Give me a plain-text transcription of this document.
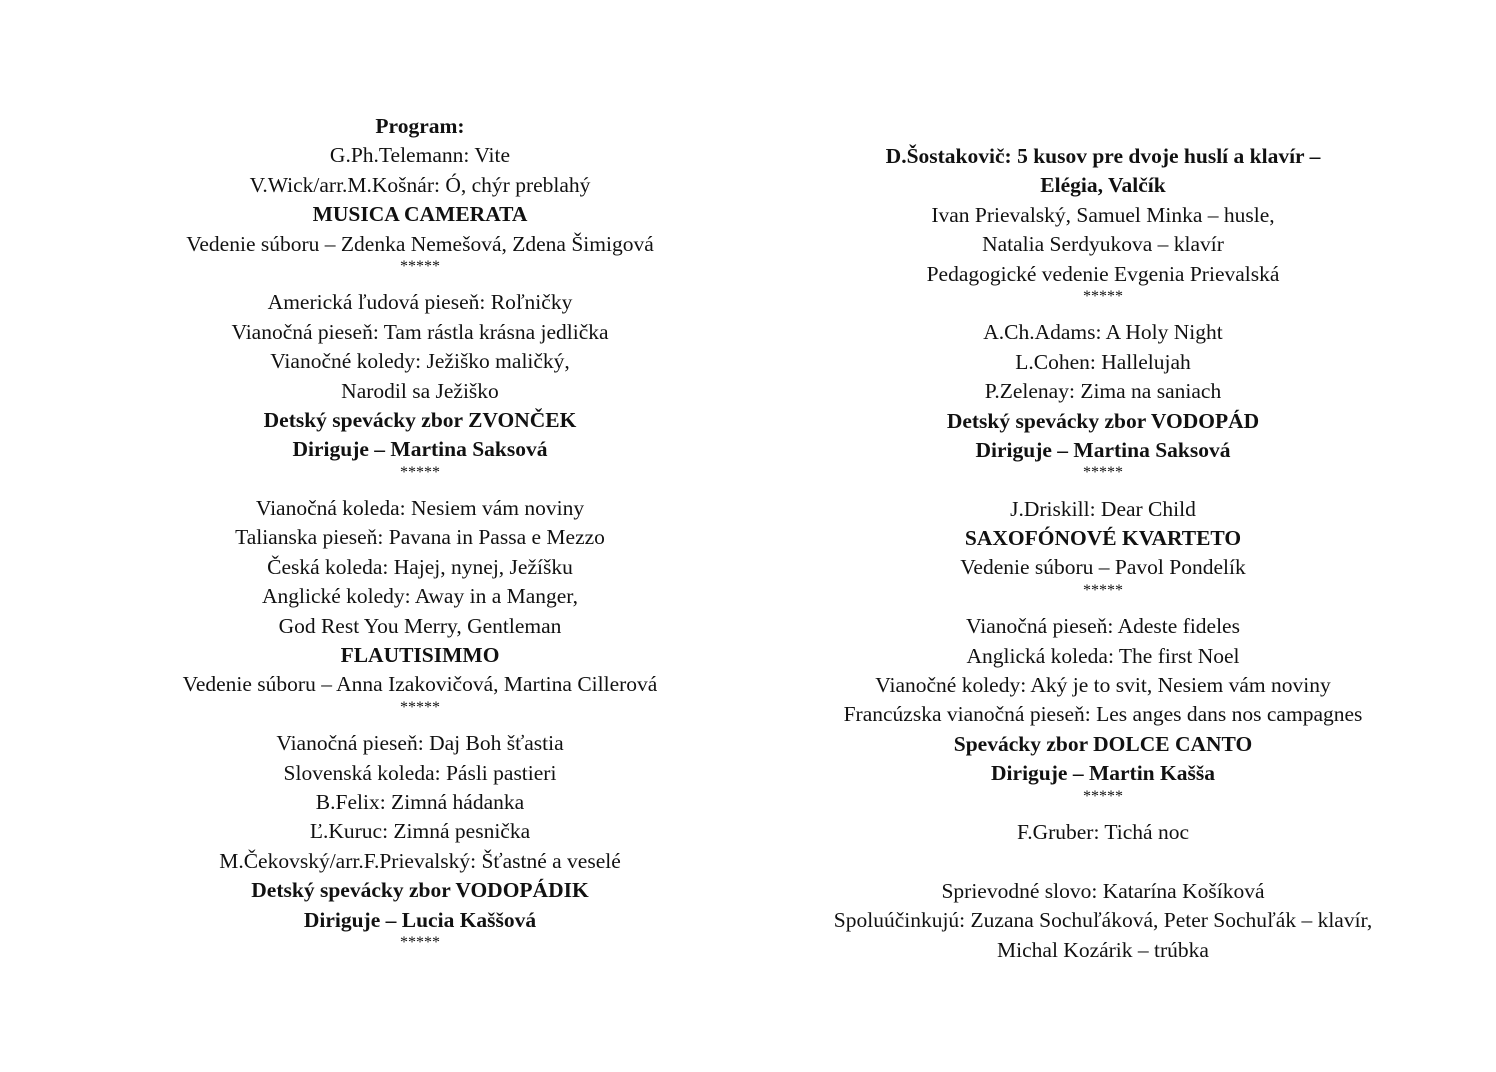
Program:
G.Ph.Telemann: Vite
V.Wick/arr.M.Košnár: Ó, chýr preblahý
MUSICA CAMERATA
Vedenie súboru – Zdenka Nemešová, Zdena Šimigová
*****
Americká ľudová pieseň: Roľničky
Vianočná pieseň: Tam rástla krásna jedlička
Vianočné koledy: Ježiško maličký,
Narodil sa Ježiško
Detský spevácky zbor ZVONČEK
Diriguje – Martina Saksová
*****
Vianočná koleda: Nesiem vám noviny
Talianska pieseň: Pavana in Passa e Mezzo
Česká koleda: Hajej, nynej, Ježíšku
Anglické koledy: Away in a Manger,
God Rest You Merry, Gentleman
FLAUTISIMMO
Vedenie súboru – Anna Izakovičová, Martina Cillerová
*****
Vianočná pieseň: Daj Boh šťastia
Slovenská koleda: Pásli pastieri
B.Felix: Zimná hádanka
Ľ.Kuruc: Zimná pesnička
M.Čekovský/arr.F.Prievalský: Šťastné a veselé
Detský spevácky zbor VODOPÁDIK
Diriguje – Lucia Kaššová
*****
D.Šostakovič: 5 kusov pre dvoje huslí a klavír –
Elégia, Valčík
Ivan Prievalský, Samuel Minka – husle,
Natalia Serdyukova – klavír
Pedagogické vedenie Evgenia Prievalská
*****
A.Ch.Adams: A Holy Night
L.Cohen: Hallelujah
P.Zelenay: Zima na saniach
Detský spevácky zbor VODOPÁD
Diriguje – Martina Saksová
*****
J.Driskill: Dear Child
SAXOFÓNOVÉ KVARTETO
Vedenie súboru – Pavol Pondelík
*****
Vianočná pieseň: Adeste fideles
Anglická koleda: The first Noel
Vianočné koledy: Aký je to svit, Nesiem vám noviny
Francúzska vianočná pieseň: Les anges dans nos campagnes
Spevácky zbor DOLCE CANTO
Diriguje – Martin Kašša
*****
F.Gruber: Tichá noc
Sprievodné slovo: Katarína Košíková
Spoluúčinkujú: Zuzana Sochuľáková, Peter Sochuľák – klavír,
Michal Kozárik – trúbka
